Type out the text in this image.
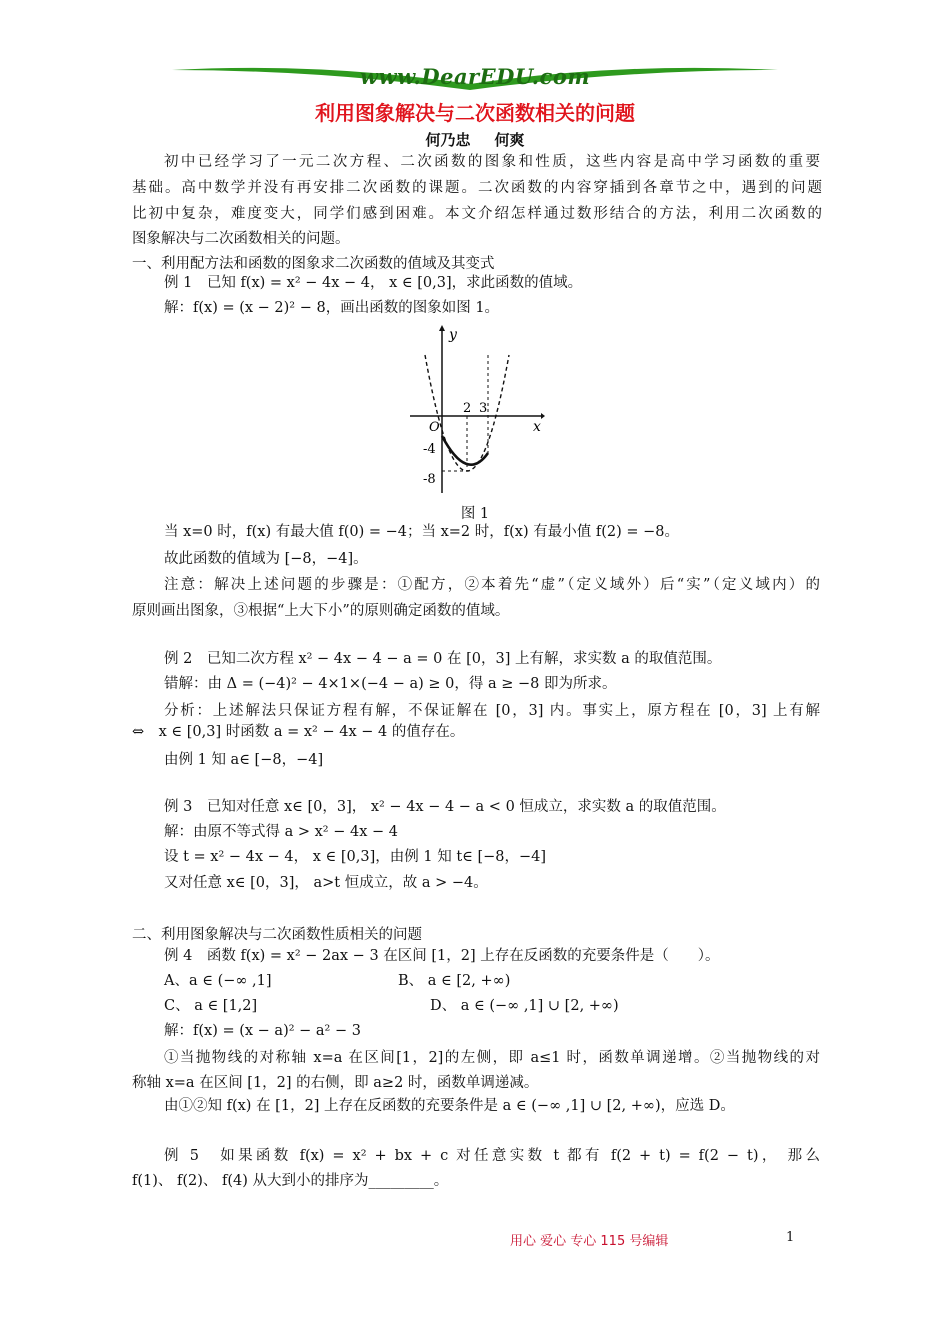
www.DearEDU.com
利用图象解决与二次函数相关的问题
何乃忠 何爽
初中已经学习了一元二次方程、二次函数的图象和性质，这些内容是高中学习函数的重要
基础。高中数学并没有再安排二次函数的课题。二次函数的内容穿插到各章节之中，遇到的问题
比初中复杂，难度变大，同学们感到困难。本文介绍怎样通过数形结合的方法，利用二次函数的
图象解决与二次函数相关的问题。
一、利用配方法和函数的图象求二次函数的值域及其变式
例 1　已知 f(x) = x² − 4x − 4， x ∈ [0,3]，求此函数的值域。
解：f(x) = (x − 2)² − 8，画出函数的图象如图 1。
y
x
O
2 3
-4
-8
图 1
当 x=0 时，f(x) 有最大值 f(0) = −4；当 x=2 时，f(x) 有最小值 f(2) = −8。
故此函数的值域为 [−8，−4]。
注意：解决上述问题的步骤是：①配方，②本着先“虚”（定义域外）后“实”（定义域内）的
原则画出图象，③根据“上大下小”的原则确定函数的值域。
例 2　已知二次方程 x² − 4x − 4 − a = 0 在 [0，3] 上有解，求实数 a 的取值范围。
错解：由 Δ = (−4)² − 4×1×(−4 − a) ≥ 0，得 a ≥ −8 即为所求。
分析：上述解法只保证方程有解，不保证解在 [0，3] 内。事实上，原方程在 [0，3] 上有解
⇔　x ∈ [0,3] 时函数 a = x² − 4x − 4 的值存在。
由例 1 知 a∈ [−8，−4]
例 3　已知对任意 x∈ [0，3]， x² − 4x − 4 − a < 0 恒成立，求实数 a 的取值范围。
解：由原不等式得 a > x² − 4x − 4
设 t = x² − 4x − 4， x ∈ [0,3]，由例 1 知 t∈ [−8，−4]
又对任意 x∈ [0，3]， a>t 恒成立，故 a > −4。
二、利用图象解决与二次函数性质相关的问题
例 4　函数 f(x) = x² − 2ax − 3 在区间 [1，2] 上存在反函数的充要条件是（　　）。
A、a ∈ (−∞ ,1]	B、 a ∈ [2, +∞)
C、 a ∈ [1,2]	D、 a ∈ (−∞ ,1] ∪ [2, +∞)
解：f(x) = (x − a)² − a² − 3
①当抛物线的对称轴 x=a 在区间[1，2]的左侧，即 a≤1 时，函数单调递增。②当抛物线的对
称轴 x=a 在区间 [1，2] 的右侧，即 a≥2 时，函数单调递减。
由①②知 f(x) 在 [1，2] 上存在反函数的充要条件是 a ∈ (−∞ ,1] ∪ [2, +∞)，应选 D。
例 5　如果函数 f(x) = x² + bx + c 对任意实数 t 都有 f(2 + t) = f(2 − t)， 那么
f(1)、 f(2)、 f(4) 从大到小的排序为_________。
用心 爱心 专心 115 号编辑	1
